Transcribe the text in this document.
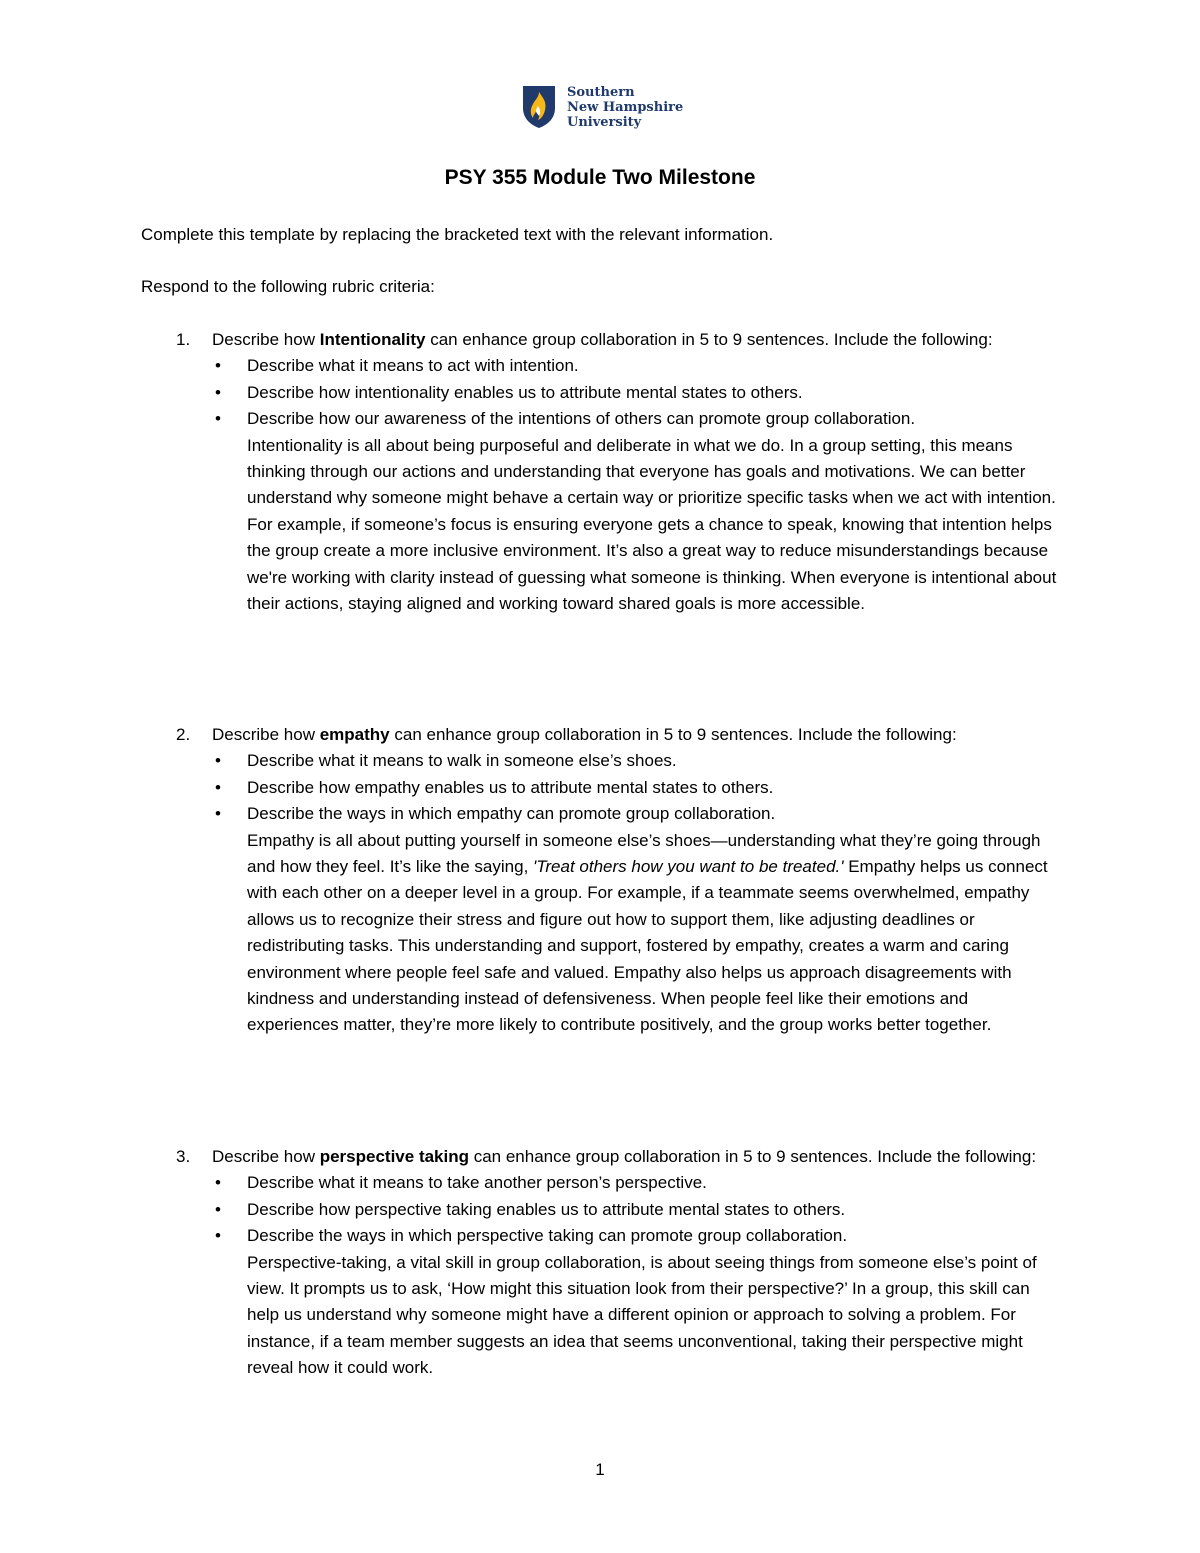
Southern
New Hampshire
University
PSY 355 Module Two Milestone
Complete this template by replacing the bracketed text with the relevant information.
Respond to the following rubric criteria:
1. Describe how Intentionality can enhance group collaboration in 5 to 9 sentences. Include the following:
• Describe what it means to act with intention.
• Describe how intentionality enables us to attribute mental states to others.
• Describe how our awareness of the intentions of others can promote group collaboration.
Intentionality is all about being purposeful and deliberate in what we do. In a group setting, this means thinking through our actions and understanding that everyone has goals and motivations. We can better understand why someone might behave a certain way or prioritize specific tasks when we act with intention. For example, if someone’s focus is ensuring everyone gets a chance to speak, knowing that intention helps the group create a more inclusive environment. It’s also a great way to reduce misunderstandings because we're working with clarity instead of guessing what someone is thinking. When everyone is intentional about their actions, staying aligned and working toward shared goals is more accessible.
2. Describe how empathy can enhance group collaboration in 5 to 9 sentences. Include the following:
• Describe what it means to walk in someone else’s shoes.
• Describe how empathy enables us to attribute mental states to others.
• Describe the ways in which empathy can promote group collaboration.
Empathy is all about putting yourself in someone else’s shoes—understanding what they’re going through and how they feel. It’s like the saying, 'Treat others how you want to be treated.' Empathy helps us connect with each other on a deeper level in a group. For example, if a teammate seems overwhelmed, empathy allows us to recognize their stress and figure out how to support them, like adjusting deadlines or redistributing tasks. This understanding and support, fostered by empathy, creates a warm and caring environment where people feel safe and valued. Empathy also helps us approach disagreements with kindness and understanding instead of defensiveness. When people feel like their emotions and experiences matter, they’re more likely to contribute positively, and the group works better together.
3. Describe how perspective taking can enhance group collaboration in 5 to 9 sentences. Include the following:
• Describe what it means to take another person’s perspective.
• Describe how perspective taking enables us to attribute mental states to others.
• Describe the ways in which perspective taking can promote group collaboration.
Perspective-taking, a vital skill in group collaboration, is about seeing things from someone else’s point of view. It prompts us to ask, ‘How might this situation look from their perspective?’ In a group, this skill can help us understand why someone might have a different opinion or approach to solving a problem. For instance, if a team member suggests an idea that seems unconventional, taking their perspective might reveal how it could work.
1
